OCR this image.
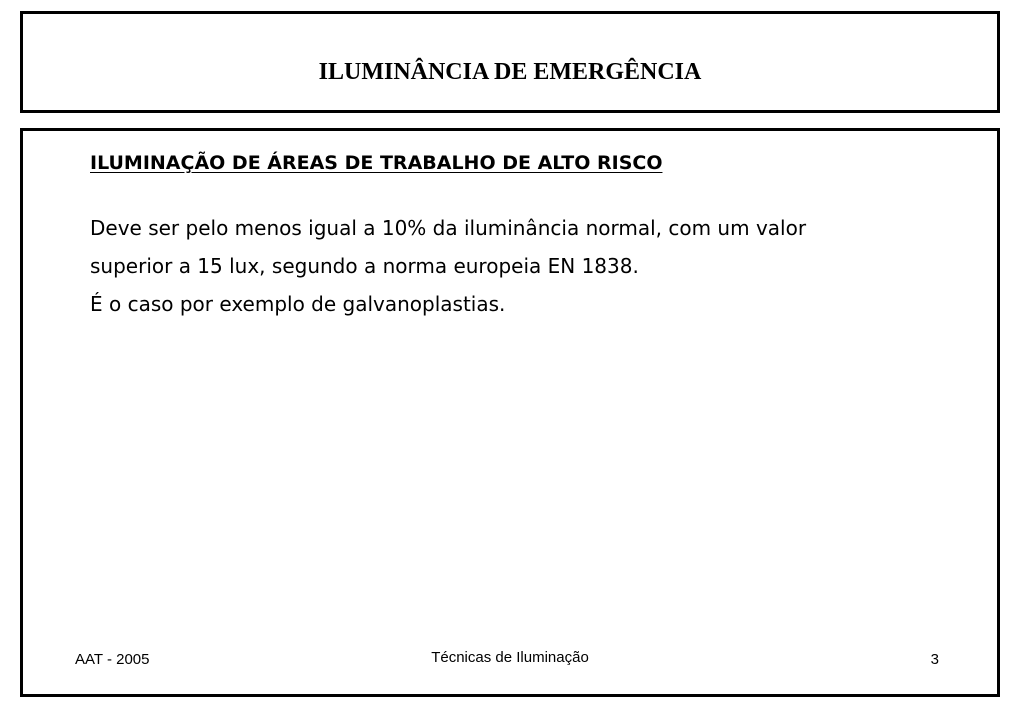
ILUMINÂNCIA DE EMERGÊNCIA
ILUMINAÇÃO DE ÁREAS DE TRABALHO DE ALTO RISCO
Deve ser pelo menos igual a 10% da iluminância normal, com um valor
superior a 15 lux, segundo a norma europeia EN 1838.
É o caso por exemplo de galvanoplastias.
AAT - 2005	Técnicas de Iluminação	3
